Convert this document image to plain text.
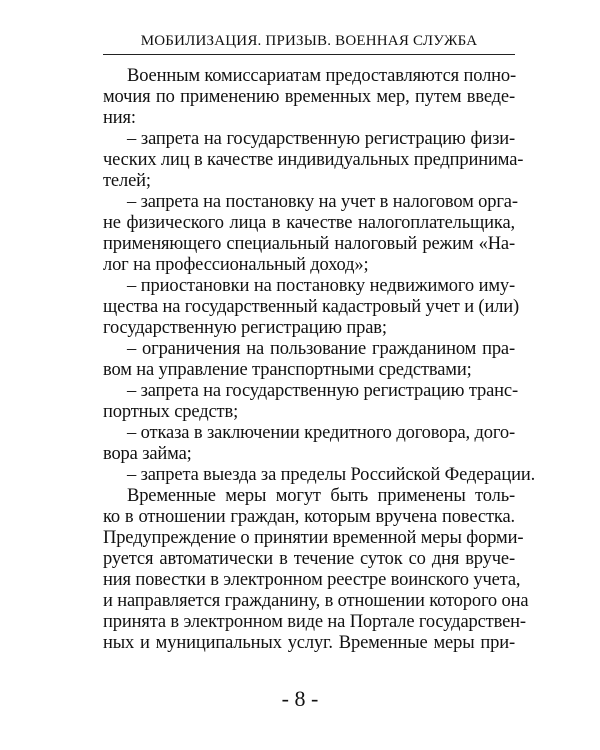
МОБИЛИЗАЦИЯ. ПРИЗЫВ. ВОЕННАЯ СЛУЖБА
Военным комиссариатам предоставляются полно-
мочия по применению временных мер, путем введе-
ния:
– запрета на государственную регистрацию физи-
ческих лиц в качестве индивидуальных предпринима-
телей;
– запрета на постановку на учет в налоговом орга-
не физического лица в качестве налогоплательщика,
применяющего специальный налоговый режим «На-
лог на профессиональный доход»;
– приостановки на постановку недвижимого иму-
щества на государственный кадастровый учет и (или)
государственную регистрацию прав;
– ограничения на пользование гражданином пра-
вом на управление транспортными средствами;
– запрета на государственную регистрацию транс-
портных средств;
– отказа в заключении кредитного договора, дого-
вора займа;
– запрета выезда за пределы Российской Федерации.
Временные меры могут быть применены толь-
ко в отношении граждан, которым вручена повестка.
Предупреждение о принятии временной меры форми-
руется автоматически в течение суток со дня вруче-
ния повестки в электронном реестре воинского учета,
и направляется гражданину, в отношении которого она
принята в электронном виде на Портале государствен-
ных и муниципальных услуг. Временные меры при-
- 8 -
